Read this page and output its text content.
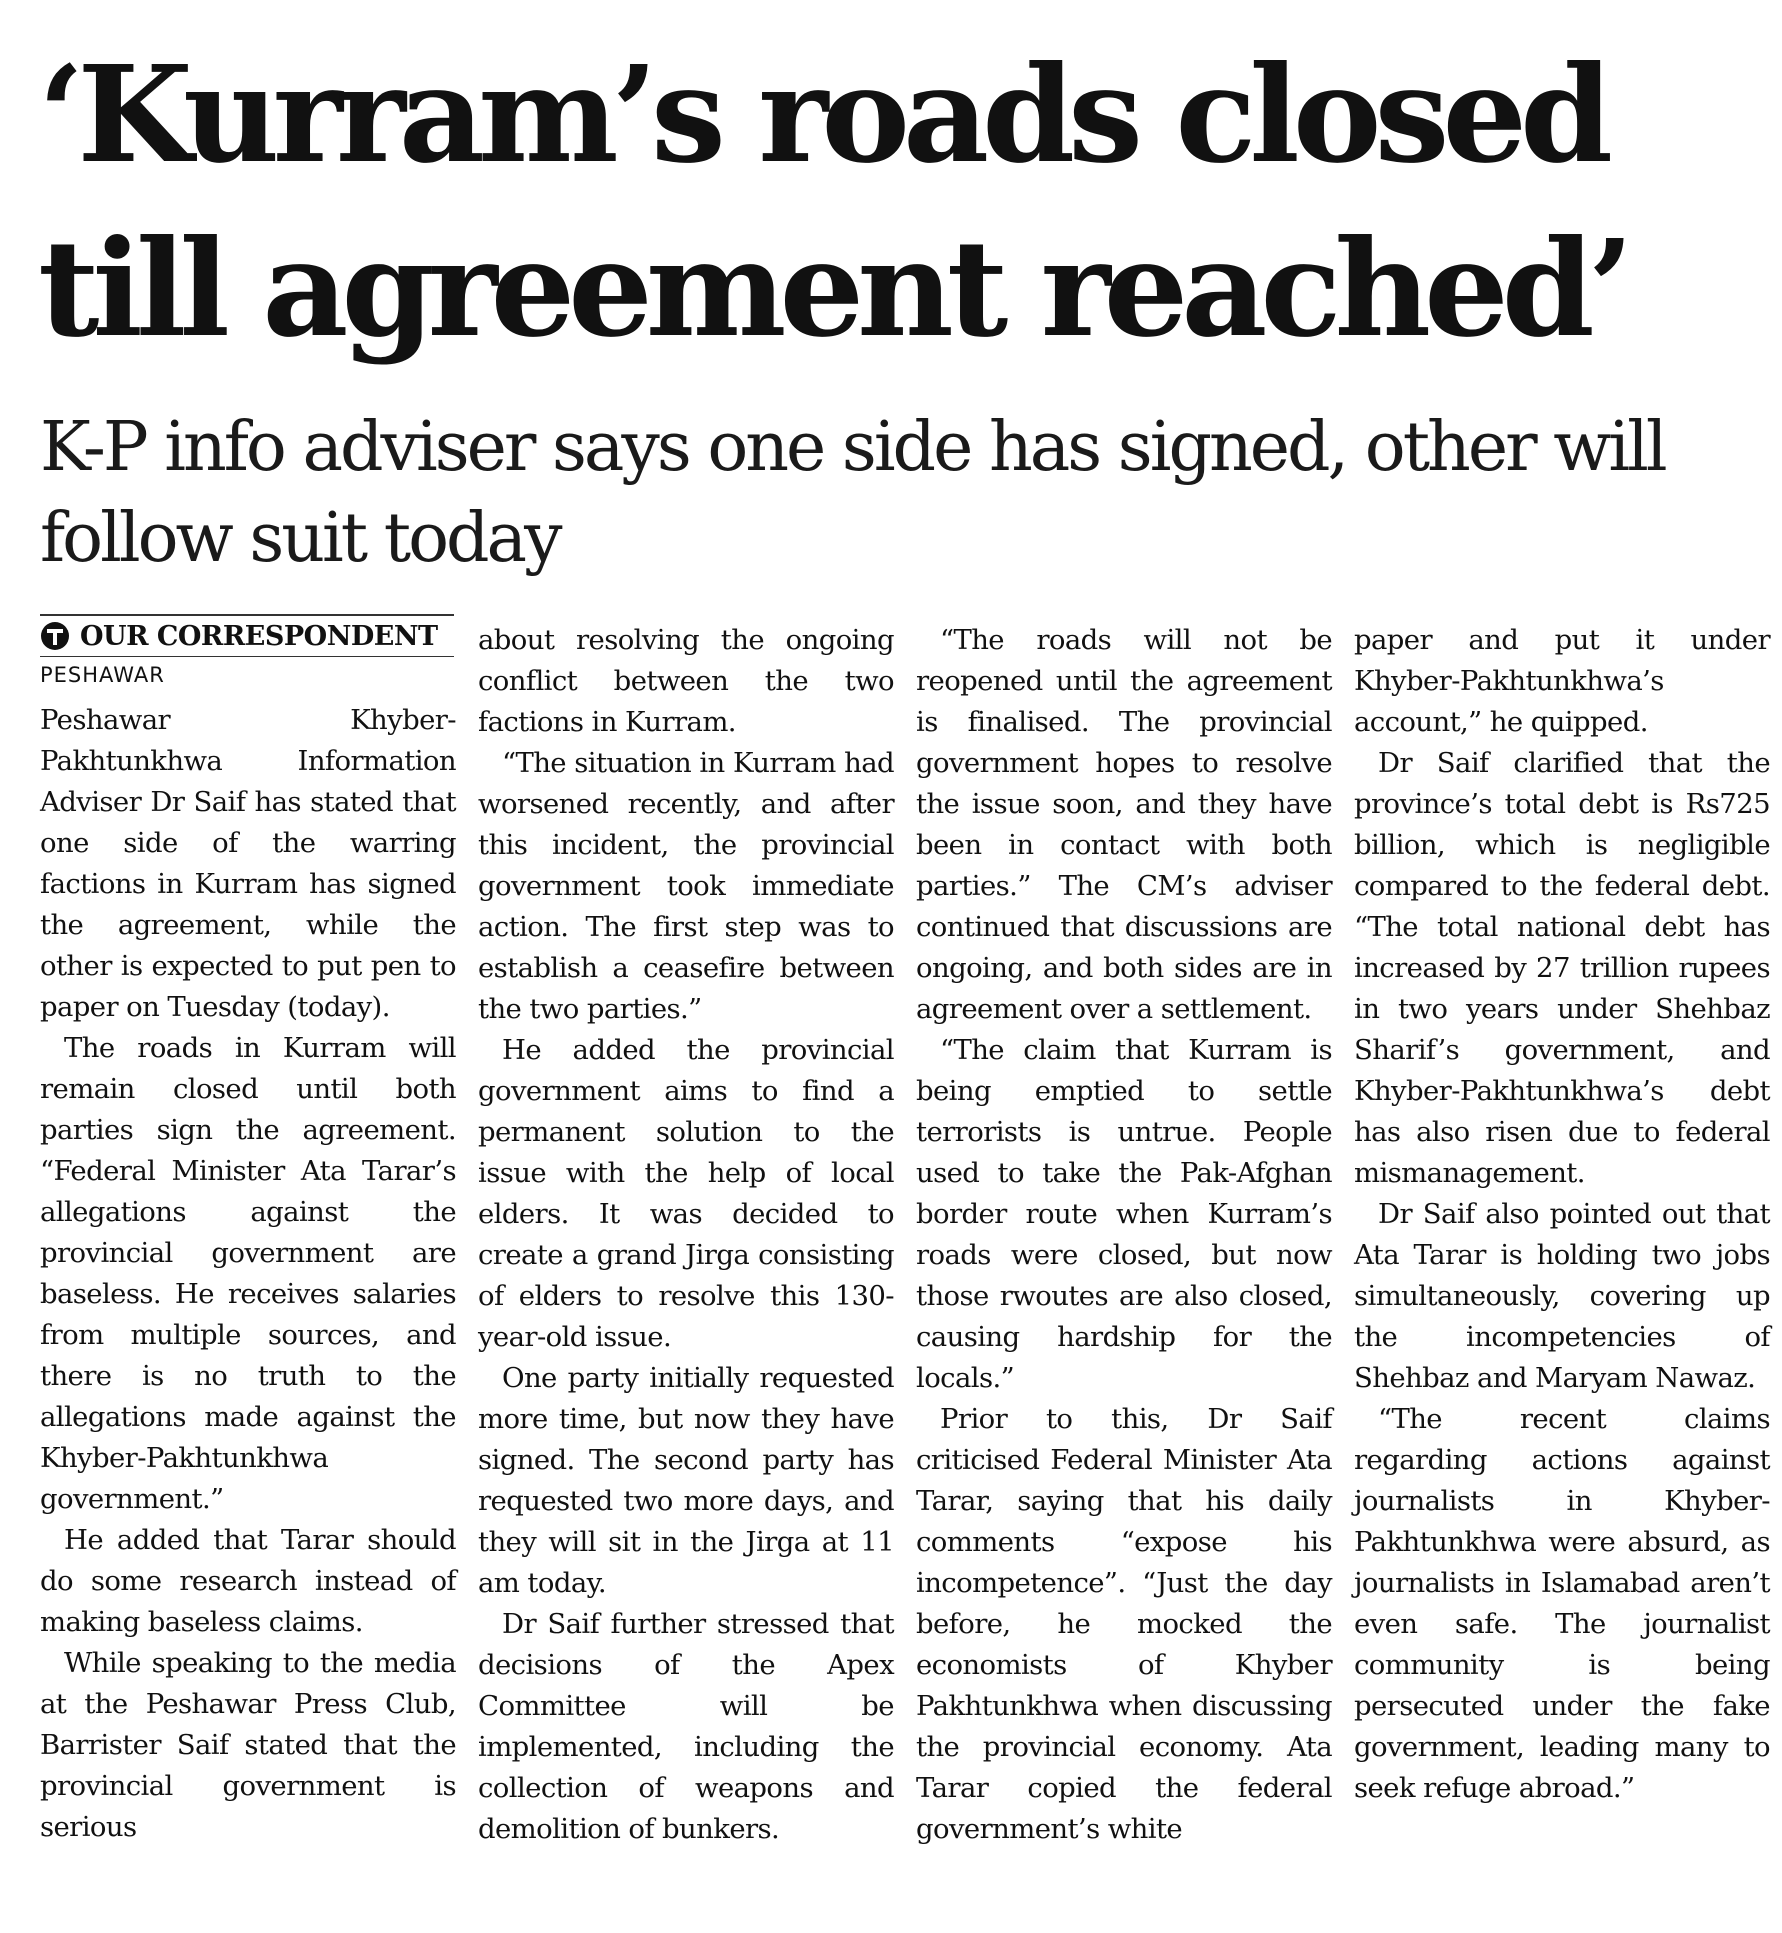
‘Kurram’s roads closed till agreement reached’
K-P info adviser says one side has signed, other will follow suit today
OUR CORRESPONDENT
PESHAWAR

Peshawar Khyber-Pakhtunkhwa Information Adviser Dr Saif has stated that one side of the warring factions in Kurram has signed the agreement, while the other is expected to put pen to paper on Tuesday (today).

The roads in Kurram will remain closed until both parties sign the agreement. “Federal Minister Ata Tarar’s allegations against the provincial government are baseless. He receives salaries from multiple sources, and there is no truth to the allegations made against the Khyber-Pakhtunkhwa government.”

He added that Tarar should do some research instead of making baseless claims.

While speaking to the media at the Peshawar Press Club, Barrister Saif stated that the provincial government is serious

about resolving the ongoing conflict between the two factions in Kurram.

“The situation in Kurram had worsened recently, and after this incident, the provincial government took immediate action. The first step was to establish a ceasefire between the two parties.”

He added the provincial government aims to find a permanent solution to the issue with the help of local elders. It was decided to create a grand Jirga consisting of elders to resolve this 130-year-old issue.

One party initially requested more time, but now they have signed. The second party has requested two more days, and they will sit in the Jirga at 11 am today.

Dr Saif further stressed that decisions of the Apex Committee will be implemented, including the collection of weapons and demolition of bunkers.

“The roads will not be reopened until the agreement is finalised. The provincial government hopes to resolve the issue soon, and they have been in contact with both parties.” The CM’s adviser continued that discussions are ongoing, and both sides are in agreement over a settlement.

“The claim that Kurram is being emptied to settle terrorists is untrue. People used to take the Pak-Afghan border route when Kurram’s roads were closed, but now those rwoutes are also closed, causing hardship for the locals.”

Prior to this, Dr Saif criticised Federal Minister Ata Tarar, saying that his daily comments “expose his incompetence”. “Just the day before, he mocked the economists of Khyber Pakhtunkhwa when discussing the provincial economy. Ata Tarar copied the federal government’s white

paper and put it under Khyber-Pakhtunkhwa’s account,” he quipped.

Dr Saif clarified that the province’s total debt is Rs725 billion, which is negligible compared to the federal debt. “The total national debt has increased by 27 trillion rupees in two years under Shehbaz Sharif’s government, and Khyber-Pakhtunkhwa’s debt has also risen due to federal mismanagement.

Dr Saif also pointed out that Ata Tarar is holding two jobs simultaneously, covering up the incompetencies of Shehbaz and Maryam Nawaz.

“The recent claims regarding actions against journalists in Khyber-Pakhtunkhwa were absurd, as journalists in Islamabad aren’t even safe. The journalist community is being persecuted under the fake government, leading many to seek refuge abroad.”
